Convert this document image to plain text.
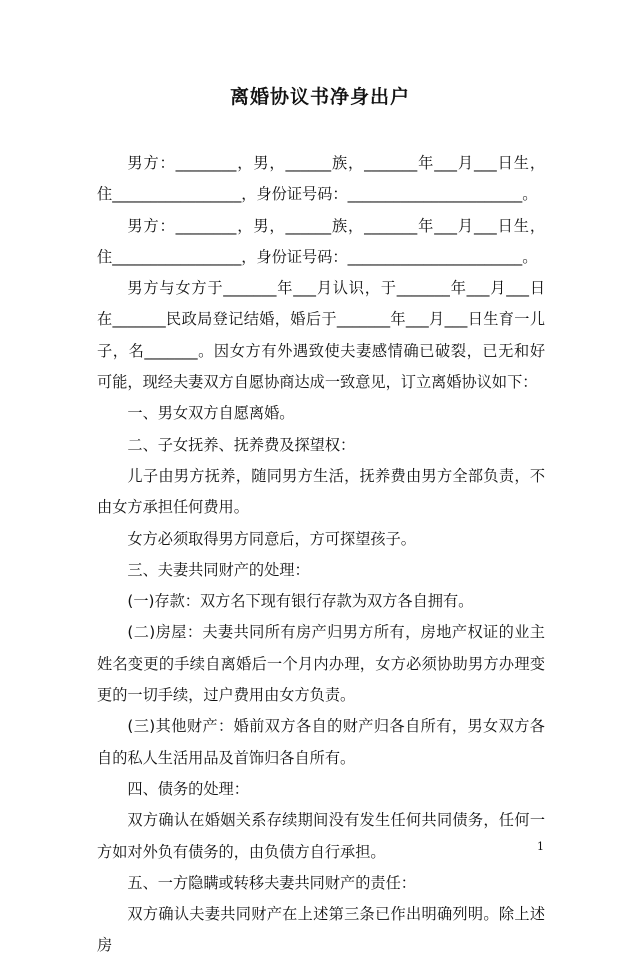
离婚协议书净身出户

男方：________，男，______族，_______年___月___日生，住_________________，身份证号码：_______________________。

男方：________，男，______族，_______年___月___日生，住_________________，身份证号码：_______________________。

男方与女方于_______年___月认识，于_______年___月___日在_______民政局登记结婚，婚后于_______年___月___日生育一儿子，名_______。因女方有外遇致使夫妻感情确已破裂，已无和好可能，现经夫妻双方自愿协商达成一致意见，订立离婚协议如下：

一、男女双方自愿离婚。

二、子女抚养、抚养费及探望权：

儿子由男方抚养，随同男方生活，抚养费由男方全部负责，不由女方承担任何费用。

女方必须取得男方同意后，方可探望孩子。

三、夫妻共同财产的处理：

(一)存款：双方名下现有银行存款为双方各自拥有。

(二)房屋：夫妻共同所有房产归男方所有，房地产权证的业主姓名变更的手续自离婚后一个月内办理，女方必须协助男方办理变更的一切手续，过户费用由女方负责。

(三)其他财产：婚前双方各自的财产归各自所有，男女双方各自的私人生活用品及首饰归各自所有。

四、债务的处理：

双方确认在婚姻关系存续期间没有发生任何共同债务，任何一方如对外负有债务的，由负债方自行承担。

五、一方隐瞒或转移夫妻共同财产的责任：

双方确认夫妻共同财产在上述第三条已作出明确列明。除上述房

1
